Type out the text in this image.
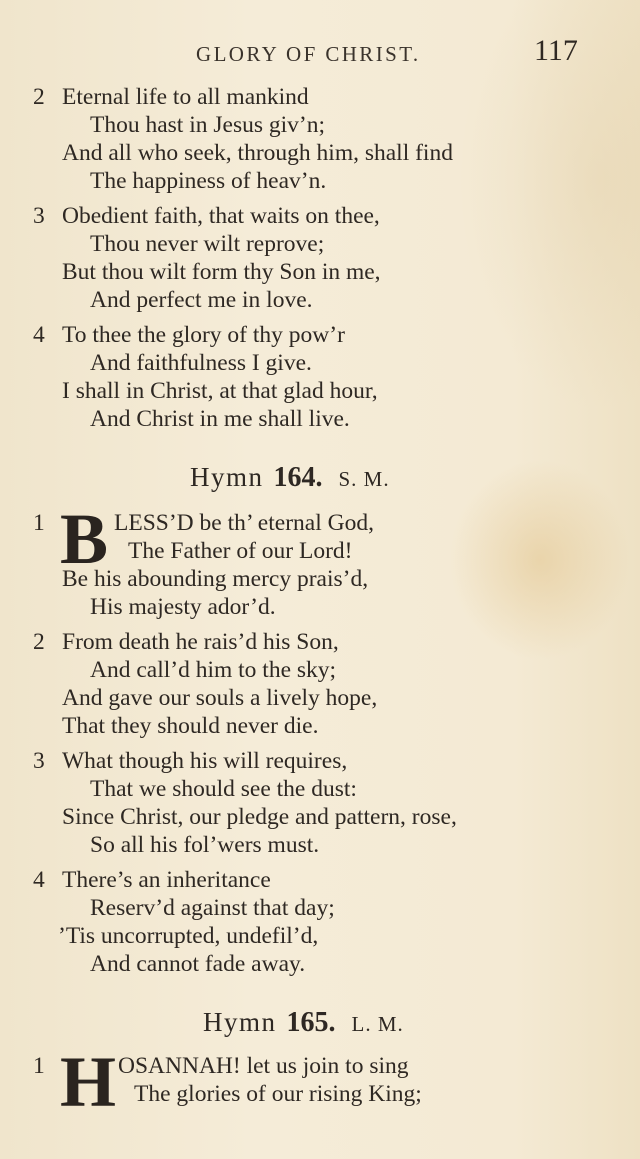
GLORY OF CHRIST.	117
2 Eternal life to all mankind
Thou hast in Jesus giv’n;
And all who seek, through him, shall find
The happiness of heav’n.
3 Obedient faith, that waits on thee,
Thou never wilt reprove;
But thou wilt form thy Son in me,
And perfect me in love.
4 To thee the glory of thy pow’r
And faithfulness I give.
I shall in Christ, at that glad hour,
And Christ in me shall live.
Hymn 164. S. M.
1 B LESS’D be th’ eternal God,
The Father of our Lord!
Be his abounding mercy prais’d,
His majesty ador’d.
2 From death he rais’d his Son,
And call’d him to the sky;
And gave our souls a lively hope,
That they should never die.
3 What though his will requires,
That we should see the dust:
Since Christ, our pledge and pattern, rose,
So all his fol’wers must.
4 There’s an inheritance
Reserv’d against that day;
’Tis uncorrupted, undefil’d,
And cannot fade away.
Hymn 165. L. M.
1 H OSANNAH! let us join to sing
The glories of our rising King;
